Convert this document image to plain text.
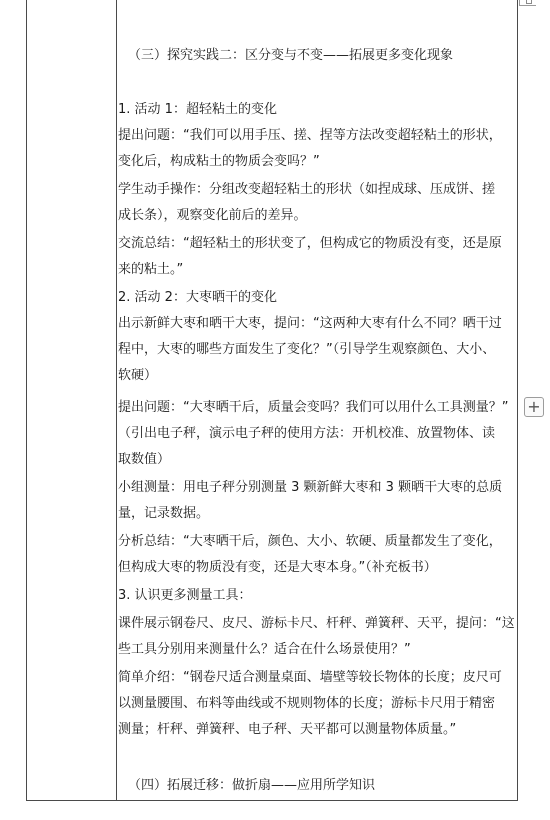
（三）探究实践二：区分变与不变——拓展更多变化现象
1. 活动 1：超轻粘土的变化
提出问题：“我们可以用手压、搓、捏等方法改变超轻粘土的形状，
变化后，构成粘土的物质会变吗？”
学生动手操作：分组改变超轻粘土的形状（如捏成球、压成饼、搓
成长条），观察变化前后的差异。
交流总结：“超轻粘土的形状变了，但构成它的物质没有变，还是原
来的粘土。”
2. 活动 2：大枣晒干的变化
出示新鲜大枣和晒干大枣，提问：“这两种大枣有什么不同？晒干过
程中，大枣的哪些方面发生了变化？”（引导学生观察颜色、大小、
软硬）
提出问题：“大枣晒干后，质量会变吗？我们可以用什么工具测量？”
（引出电子秤，演示电子秤的使用方法：开机校准、放置物体、读
取数值）
小组测量：用电子秤分别测量 3 颗新鲜大枣和 3 颗晒干大枣的总质
量，记录数据。
分析总结：“大枣晒干后，颜色、大小、软硬、质量都发生了变化，
但构成大枣的物质没有变，还是大枣本身。”（补充板书）
3. 认识更多测量工具：
课件展示钢卷尺、皮尺、游标卡尺、杆秤、弹簧秤、天平，提问：“这
些工具分别用来测量什么？适合在什么场景使用？”
简单介绍：“钢卷尺适合测量桌面、墙壁等较长物体的长度；皮尺可
以测量腰围、布料等曲线或不规则物体的长度；游标卡尺用于精密
测量；杆秤、弹簧秤、电子秤、天平都可以测量物体质量。”
（四）拓展迁移：做折扇——应用所学知识
+
